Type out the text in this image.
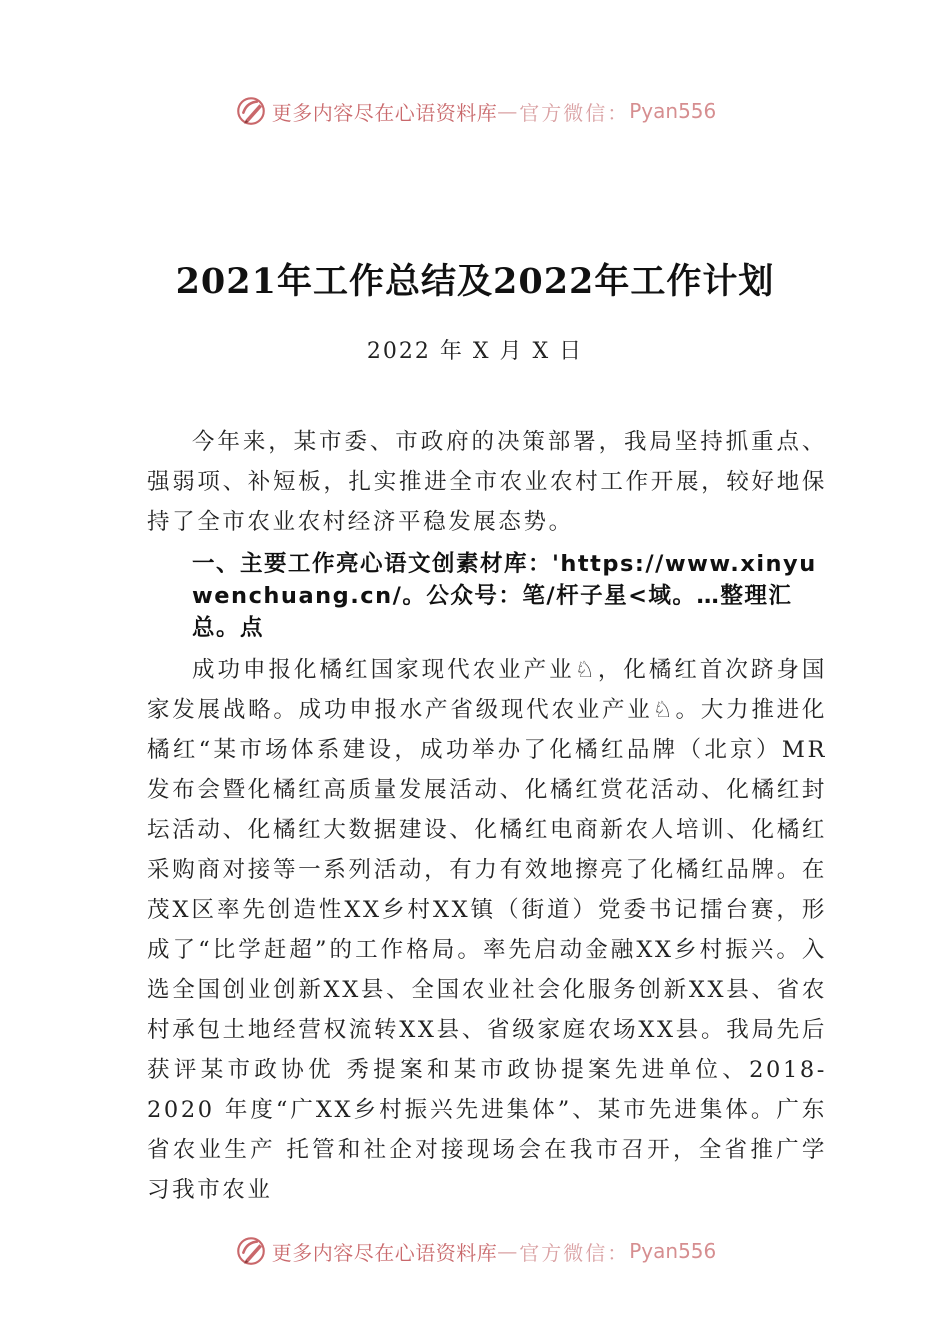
更多内容尽在心语资料库 — 官方微信： Pyan556
2021年工作总结及2022年工作计划
2022 年 X 月 X 日

今年来，某市委、市政府的决策部署，我局坚持抓重点、强弱项、补短板，扎实推进全市农业农村工作开展，较好地保持了全市农业农村经济平稳发展态势。

一、主要工作亮心语文创素材库：'https://www.xinyuwenchuang.cn/。公众号：笔/杆子星<域。…整理汇总。点

成功申报化橘红国家现代农业产业♘，化橘红首次跻身国家发展战略。成功申报水产省级现代农业产业♘。大力推进化橘红“某市场体系建设，成功举办了化橘红品牌（北京）MR 发布会暨化橘红高质量发展活动、化橘红赏花活动、化橘红封坛活动、化橘红大数据建设、化橘红电商新农人培训、化橘红采购商对接等一系列活动，有力有效地擦亮了化橘红品牌。在茂X区率先创造性XX乡村XX镇（街道）党委书记擂台赛，形成了“比学赶超”的工作格局。率先启动金融XX乡村振兴。入选全国创业创新XX县、全国农业社会化服务创新XX县、省农村承包土地经营权流转XX县、省级家庭农场XX县。我局先后获评某市政协优 秀提案和某市政协提案先进单位、2018-2020 年度“广XX乡村振兴先进集体”、某市先进集体。广东省农业生产 托管和社企对接现场会在我市召开，全省推广学习我市农业

更多内容尽在心语资料库 — 官方微信： Pyan556
